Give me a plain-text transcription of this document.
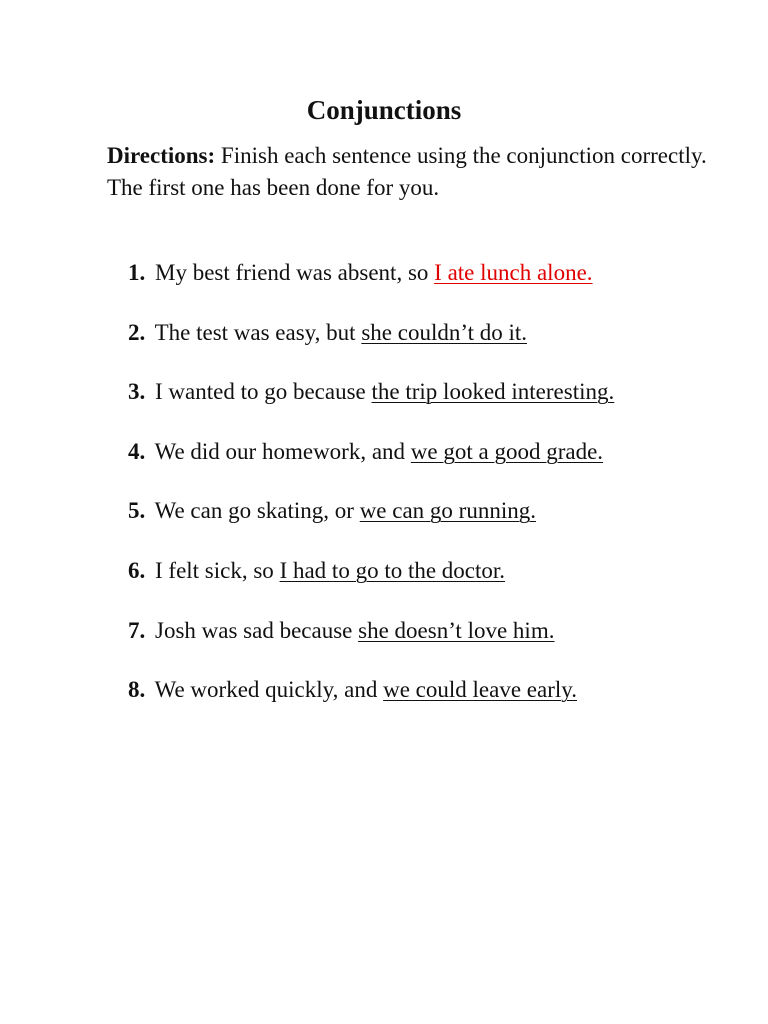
Conjunctions
Directions: Finish each sentence using the conjunction correctly. The first one has been done for you.
1. My best friend was absent, so I ate lunch alone.
2. The test was easy, but she couldn’t do it.
3. I wanted to go because the trip looked interesting.
4. We did our homework, and we got a good grade.
5. We can go skating, or we can go running.
6. I felt sick, so I had to go to the doctor.
7. Josh was sad because she doesn’t love him.
8. We worked quickly, and we could leave early.
